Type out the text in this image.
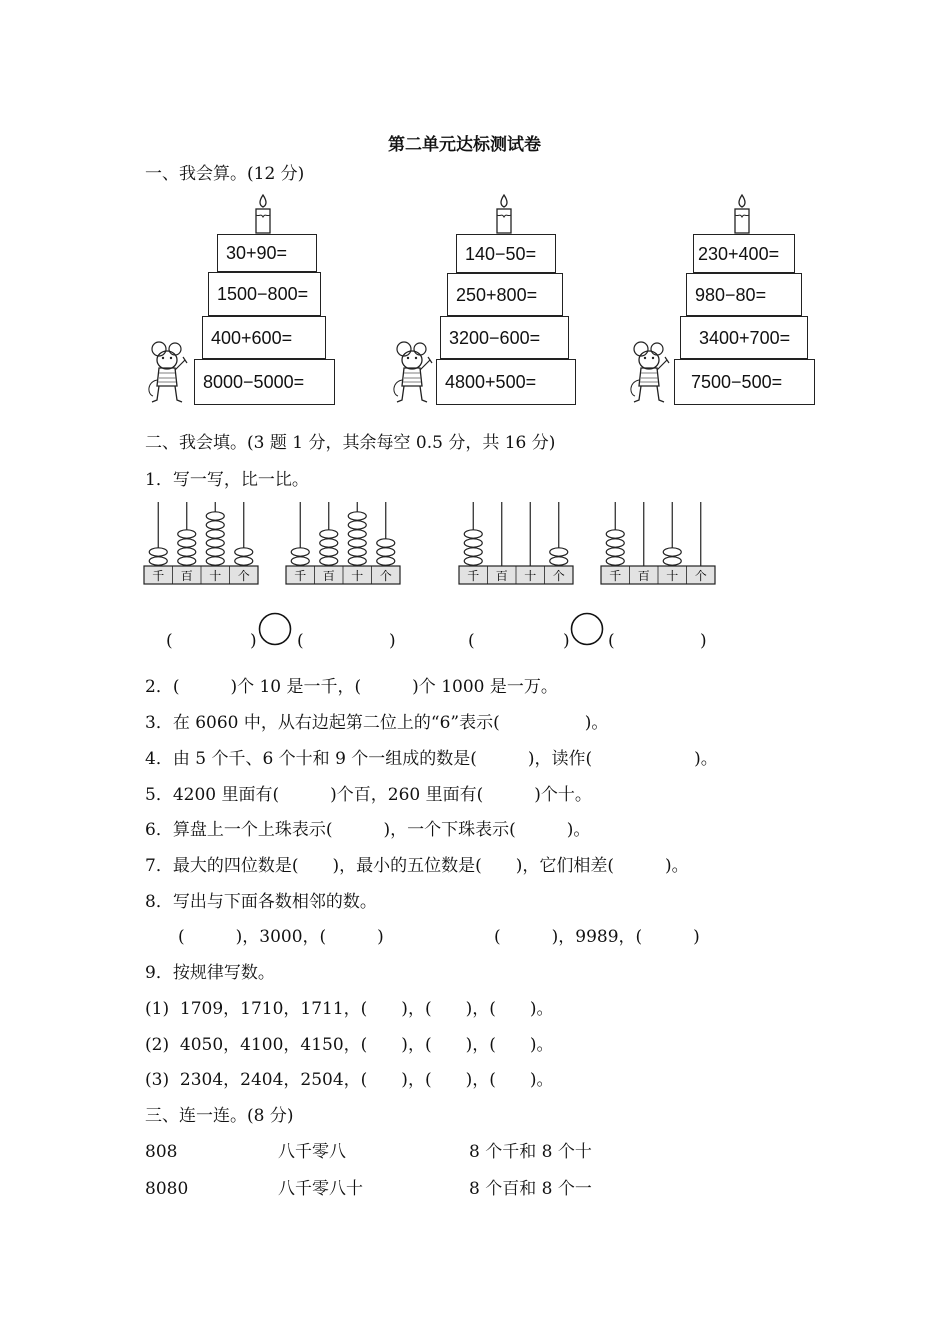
第二单元达标测试卷
一、我会算。(12 分)
30+90=
1500−800=
400+600=
8000−5000=
140−50=
250+800=
3200−600=
4800+500=
230+400=
980−80=
3400+700=
7500−500=
二、我会填。(3 题 1 分，其余每空 0.5 分，共 16 分)
1．写一写，比一比。
千 百 十 个	千 百 十 个	千 百 十 个	千 百 十 个
(	) (	)	(	) (	)
2．(　　　)个 10 是一千，(　　　)个 1000 是一万。
3．在 6060 中，从右边起第二位上的“6”表示(　　　　　)。
4．由 5 个千、6 个十和 9 个一组成的数是(　　　)，读作(　　　　　　)。
5．4200 里面有(　　　)个百，260 里面有(　　　)个十。
6．算盘上一个上珠表示(　　　)，一个下珠表示(　　　)。
7．最大的四位数是(　　)，最小的五位数是(　　)，它们相差(　　　)。
8．写出与下面各数相邻的数。
(　　　)，3000，(　　　)	(　　　)，9989，(　　　)
9．按规律写数。
(1)  1709，1710，1711，(　　)，(　　)，(　　)。
(2)  4050，4100，4150，(　　)，(　　)，(　　)。
(3)  2304，2404，2504，(　　)，(　　)，(　　)。
三、连一连。(8 分)
808	八千零八	8 个千和 8 个十
8080	八千零八十	8 个百和 8 个一
